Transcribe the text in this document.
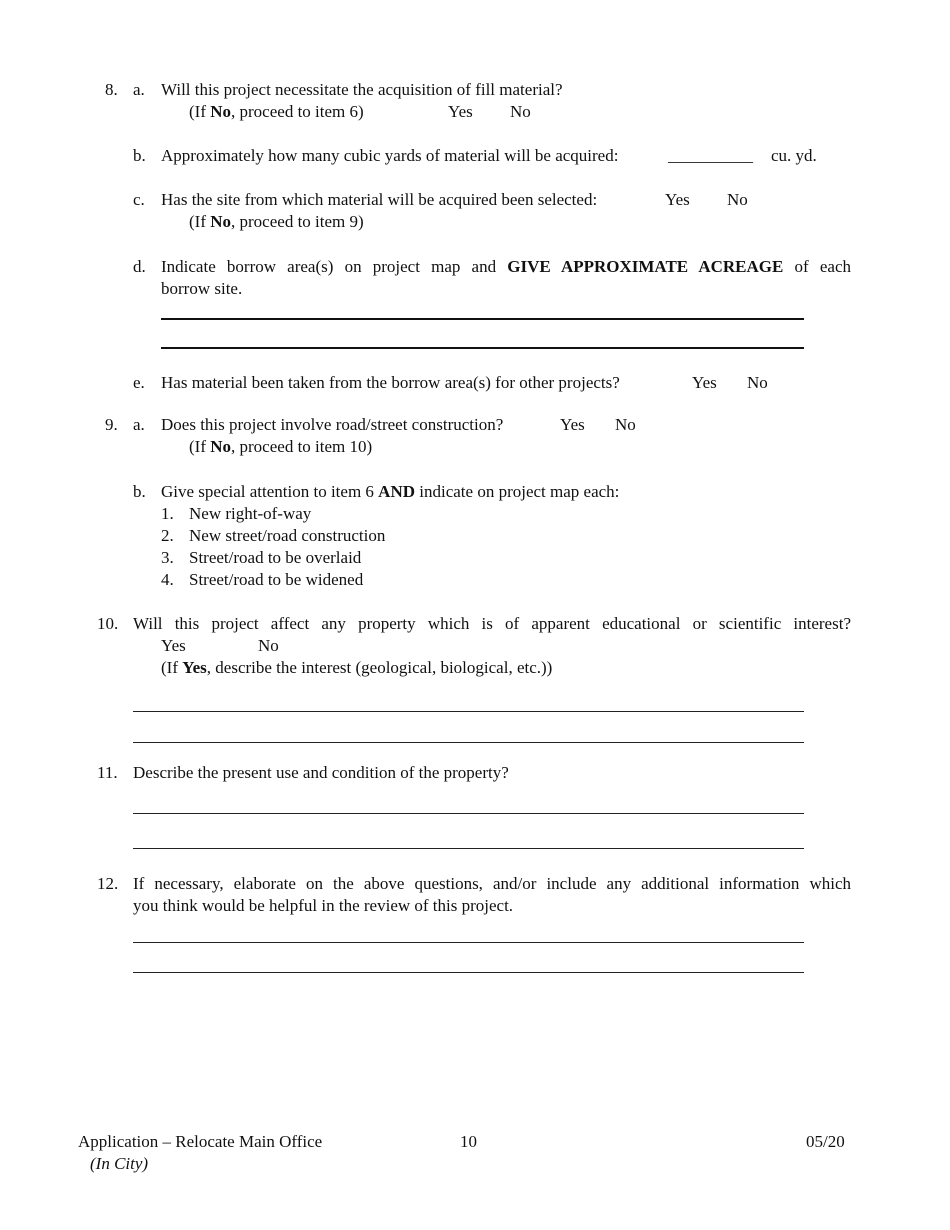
8. a. Will this project necessitate the acquisition of fill material?
(If No, proceed to item 6)	Yes No
b. Approximately how many cubic yards of material will be acquired:	__________ cu. yd.
c. Has the site from which material will be acquired been selected:	Yes No
(If No, proceed to item 9)
d. Indicate borrow area(s) on project map and GIVE APPROXIMATE ACREAGE of each
borrow site.
e. Has material been taken from the borrow area(s) for other projects?	Yes No
9. a. Does this project involve road/street construction?	Yes No
(If No, proceed to item 10)
b. Give special attention to item 6 AND indicate on project map each:
1. New right-of-way
2. New street/road construction
3. Street/road to be overlaid
4. Street/road to be widened
10. Will this project affect any property which is of apparent educational or scientific interest?
Yes	No
(If Yes, describe the interest (geological, biological, etc.))
11. Describe the present use and condition of the property?
12. If necessary, elaborate on the above questions, and/or include any additional information which
you think would be helpful in the review of this project.
Application – Relocate Main Office
(In City)
10	05/20
